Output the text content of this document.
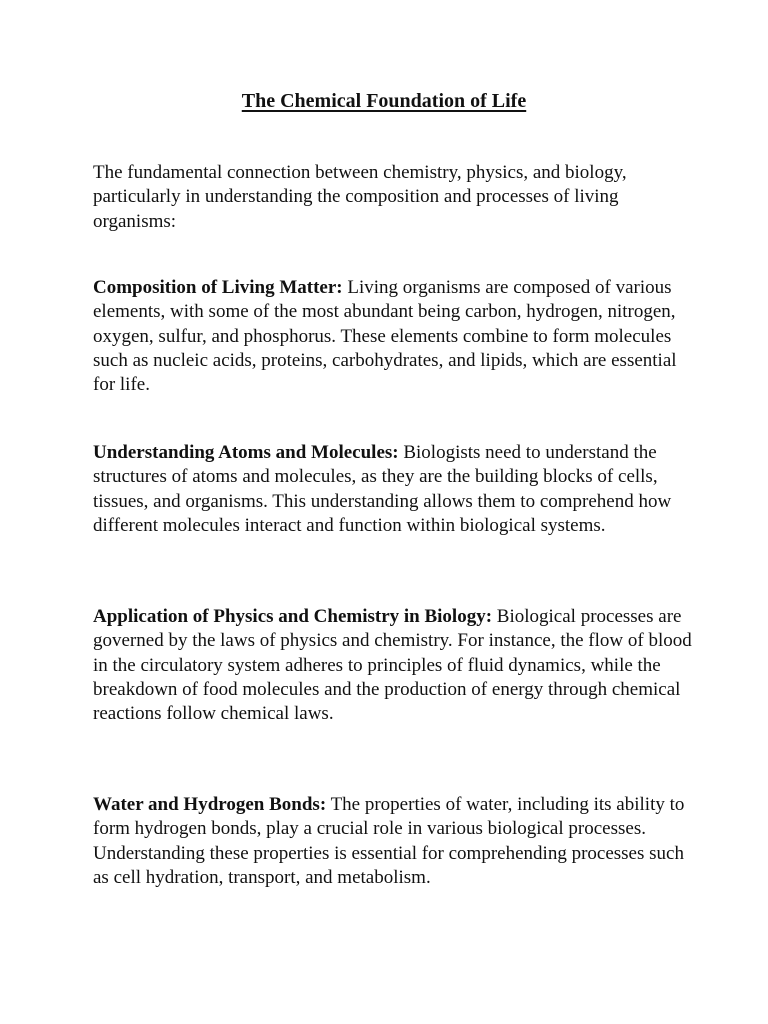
The Chemical Foundation of Life

The fundamental connection between chemistry, physics, and biology, particularly in understanding the composition and processes of living organisms:

Composition of Living Matter: Living organisms are composed of various elements, with some of the most abundant being carbon, hydrogen, nitrogen, oxygen, sulfur, and phosphorus. These elements combine to form molecules such as nucleic acids, proteins, carbohydrates, and lipids, which are essential for life.

Understanding Atoms and Molecules: Biologists need to understand the structures of atoms and molecules, as they are the building blocks of cells, tissues, and organisms. This understanding allows them to comprehend how different molecules interact and function within biological systems.

Application of Physics and Chemistry in Biology: Biological processes are governed by the laws of physics and chemistry. For instance, the flow of blood in the circulatory system adheres to principles of fluid dynamics, while the breakdown of food molecules and the production of energy through chemical reactions follow chemical laws.

Water and Hydrogen Bonds: The properties of water, including its ability to form hydrogen bonds, play a crucial role in various biological processes. Understanding these properties is essential for comprehending processes such as cell hydration, transport, and metabolism.
